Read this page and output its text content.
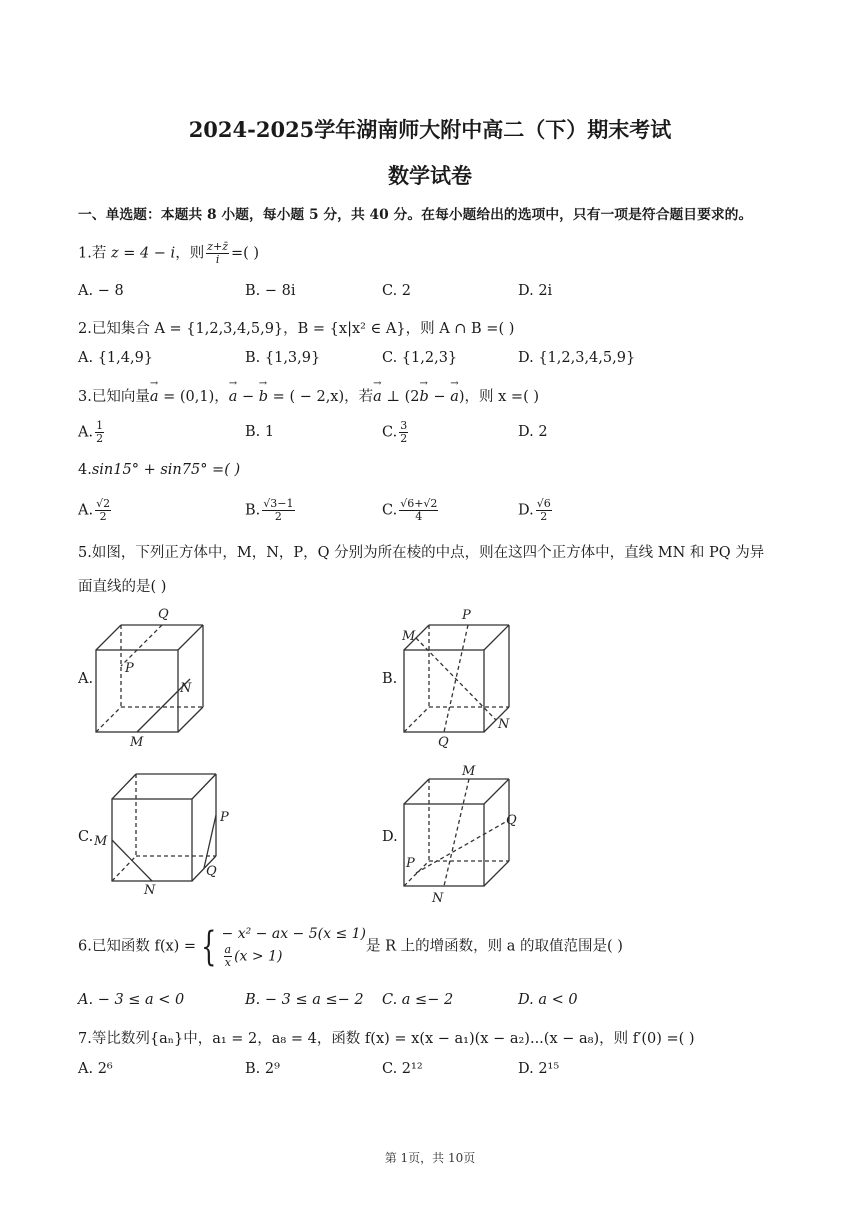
2024-2025学年湖南师大附中高二（下）期末考试
数学试卷
一、单选题：本题共 8 小题，每小题 5 分，共 40 分。在每小题给出的选项中，只有一项是符合题目要求的。
1.若 z = 4 − i，则 $\frac{z+z̄}{i}$ =( )
A. − 8	B. − 8i	C. 2	D. 2i
2.已知集合 A = {1,2,3,4,5,9}，B = {x|x² ∈ A}，则 A ∩ B =( )
A. {1,4,9}	B. {1,3,9}	C. {1,2,3}	D. {1,2,3,4,5,9}
3.已知向量→ a = (0,1)，→ a − → b = ( − 2,x)，若→ a ⊥ (2→ b − → a)，则 x =( )
A. $\frac{1}{2}$	B. 1	C. $\frac{3}{2}$	D. 2
4.sin15° + sin75° =( )
A. $\frac{√2}{2}$	B. $\frac{√3-1}{2}$	C. $\frac{√6+√2}{4}$	D. $\frac{√6}{2}$
5.如图，下列正方体中，M，N，P，Q 分别为所在棱的中点，则在这四个正方体中，直线 MN 和 PQ 为异
面直线的是( )
A.
Q
P
N
M
B.
P
M
N
Q
C.
P
M
Q
N
D.
M
Q
P
N
6.已知函数 f(x) = { − x² − ax − 5(x ≤ 1)
$\frac{a}{x} (x > 1)$
是 R 上的增函数，则 a 的取值范围是( )
A. − 3 ≤ a < 0	B. − 3 ≤ a ≤− 2 C. a ≤− 2	D. a < 0
7.等比数列{aₙ}中，a₁ = 2，a₈ = 4，函数 f(x) = x(x − a₁)(x − a₂)...(x − a₈)，则 f′(0) =( )
A. 2⁶	B. 2⁹	C. 2¹²	D. 2¹⁵
第 1页，共 10页
